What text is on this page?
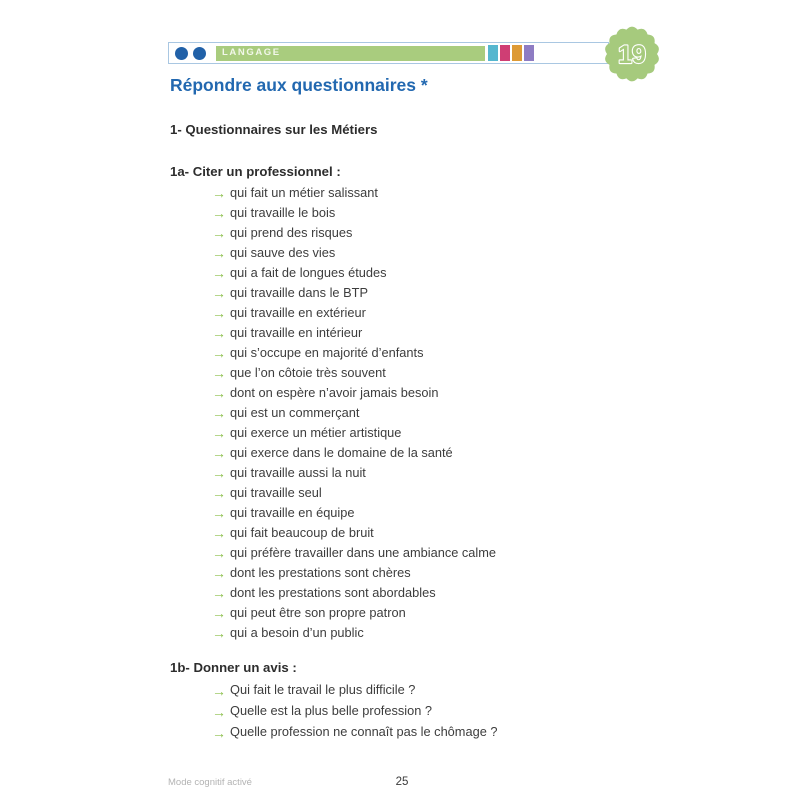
LANGAGE	19
Répondre aux questionnaires *
1- Questionnaires sur les Métiers
1a- Citer un professionnel :
→ qui fait un métier salissant
→ qui travaille le bois
→ qui prend des risques
→ qui sauve des vies
→ qui a fait de longues études
→ qui travaille dans le BTP
→ qui travaille en extérieur
→ qui travaille en intérieur
→ qui s’occupe en majorité d’enfants
→ que l’on côtoie très souvent
→ dont on espère n’avoir jamais besoin
→ qui est un commerçant
→ qui exerce un métier artistique
→ qui exerce dans le domaine de la santé
→ qui travaille aussi la nuit
→ qui travaille seul
→ qui travaille en équipe
→ qui fait beaucoup de bruit
→ qui préfère travailler dans une ambiance calme
→ dont les prestations sont chères
→ dont les prestations sont abordables
→ qui peut être son propre patron
→ qui a besoin d’un public
1b- Donner un avis :
→ Qui fait le travail le plus difficile ?
→ Quelle est la plus belle profession ?
→ Quelle profession ne connaît pas le chômage ?
Mode cognitif activé	25
